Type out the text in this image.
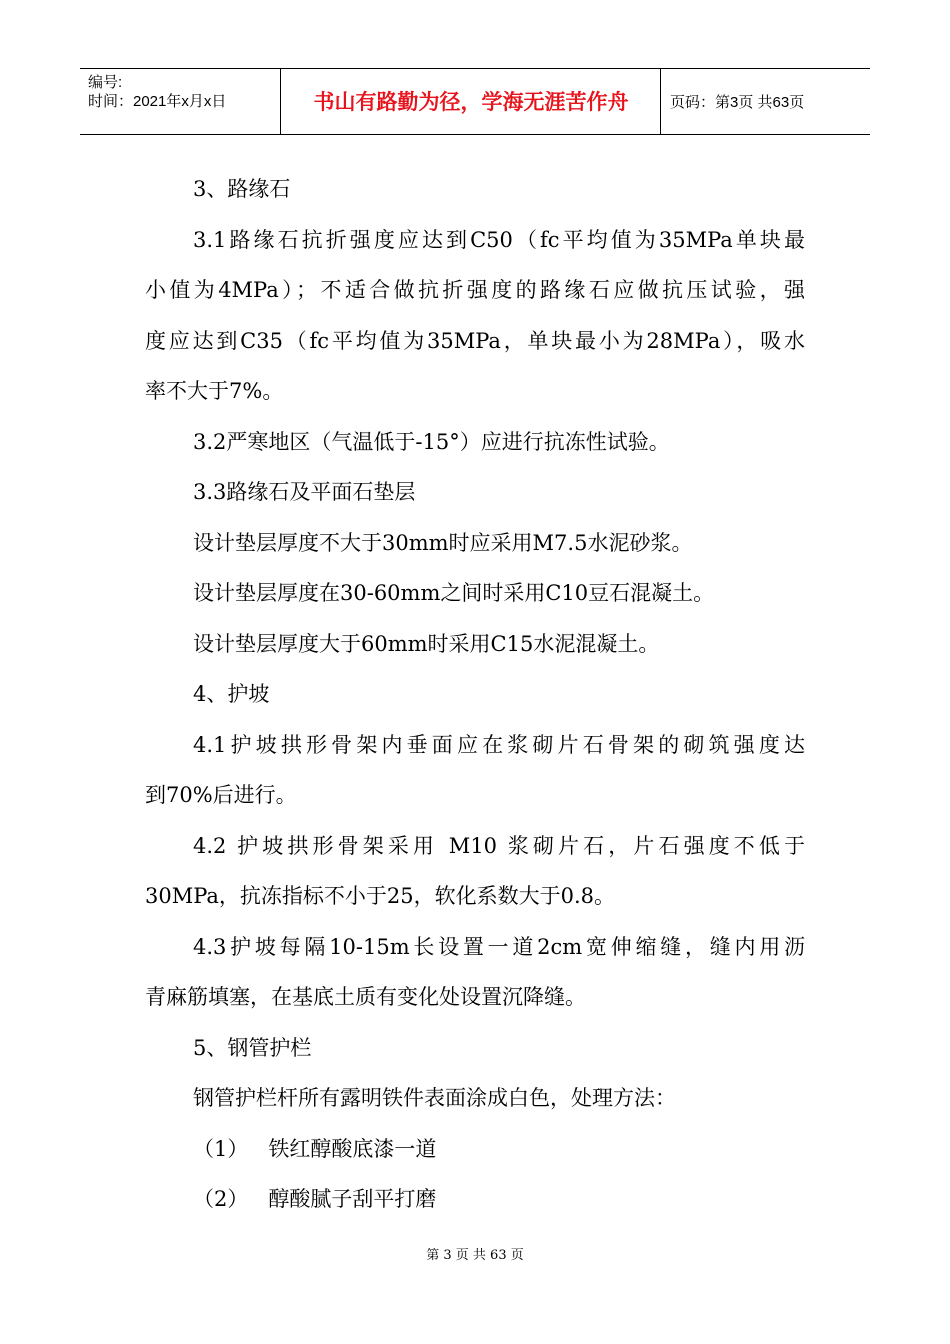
编号:
时间：2021年x月x日	书山有路勤为径，学海无涯苦作舟	页码：第3页 共63页
3、路缘石
3.1路缘石抗折强度应达到C50（fc平均值为35MPa单块最
小值为4MPa）；不适合做抗折强度的路缘石应做抗压试验，强
度应达到C35（fc平均值为35MPa，单块最小为28MPa），吸水
率不大于7%。
3.2严寒地区（气温低于-15°）应进行抗冻性试验。
3.3路缘石及平面石垫层
设计垫层厚度不大于30mm时应采用M7.5水泥砂浆。
设计垫层厚度在30-60mm之间时采用C10豆石混凝土。
设计垫层厚度大于60mm时采用C15水泥混凝土。
4、护坡
4.1护坡拱形骨架内垂面应在浆砌片石骨架的砌筑强度达
到70%后进行。
4.2 护坡拱形骨架采用 M10 浆砌片石，片石强度不低于
30MPa，抗冻指标不小于25，软化系数大于0.8。
4.3护坡每隔10-15m长设置一道2cm宽伸缩缝，缝内用沥
青麻筋填塞，在基底土质有变化处设置沉降缝。
5、钢管护栏
钢管护栏杆所有露明铁件表面涂成白色，处理方法：
（1）   铁红醇酸底漆一道
（2）   醇酸腻子刮平打磨
第 3 页 共 63 页
